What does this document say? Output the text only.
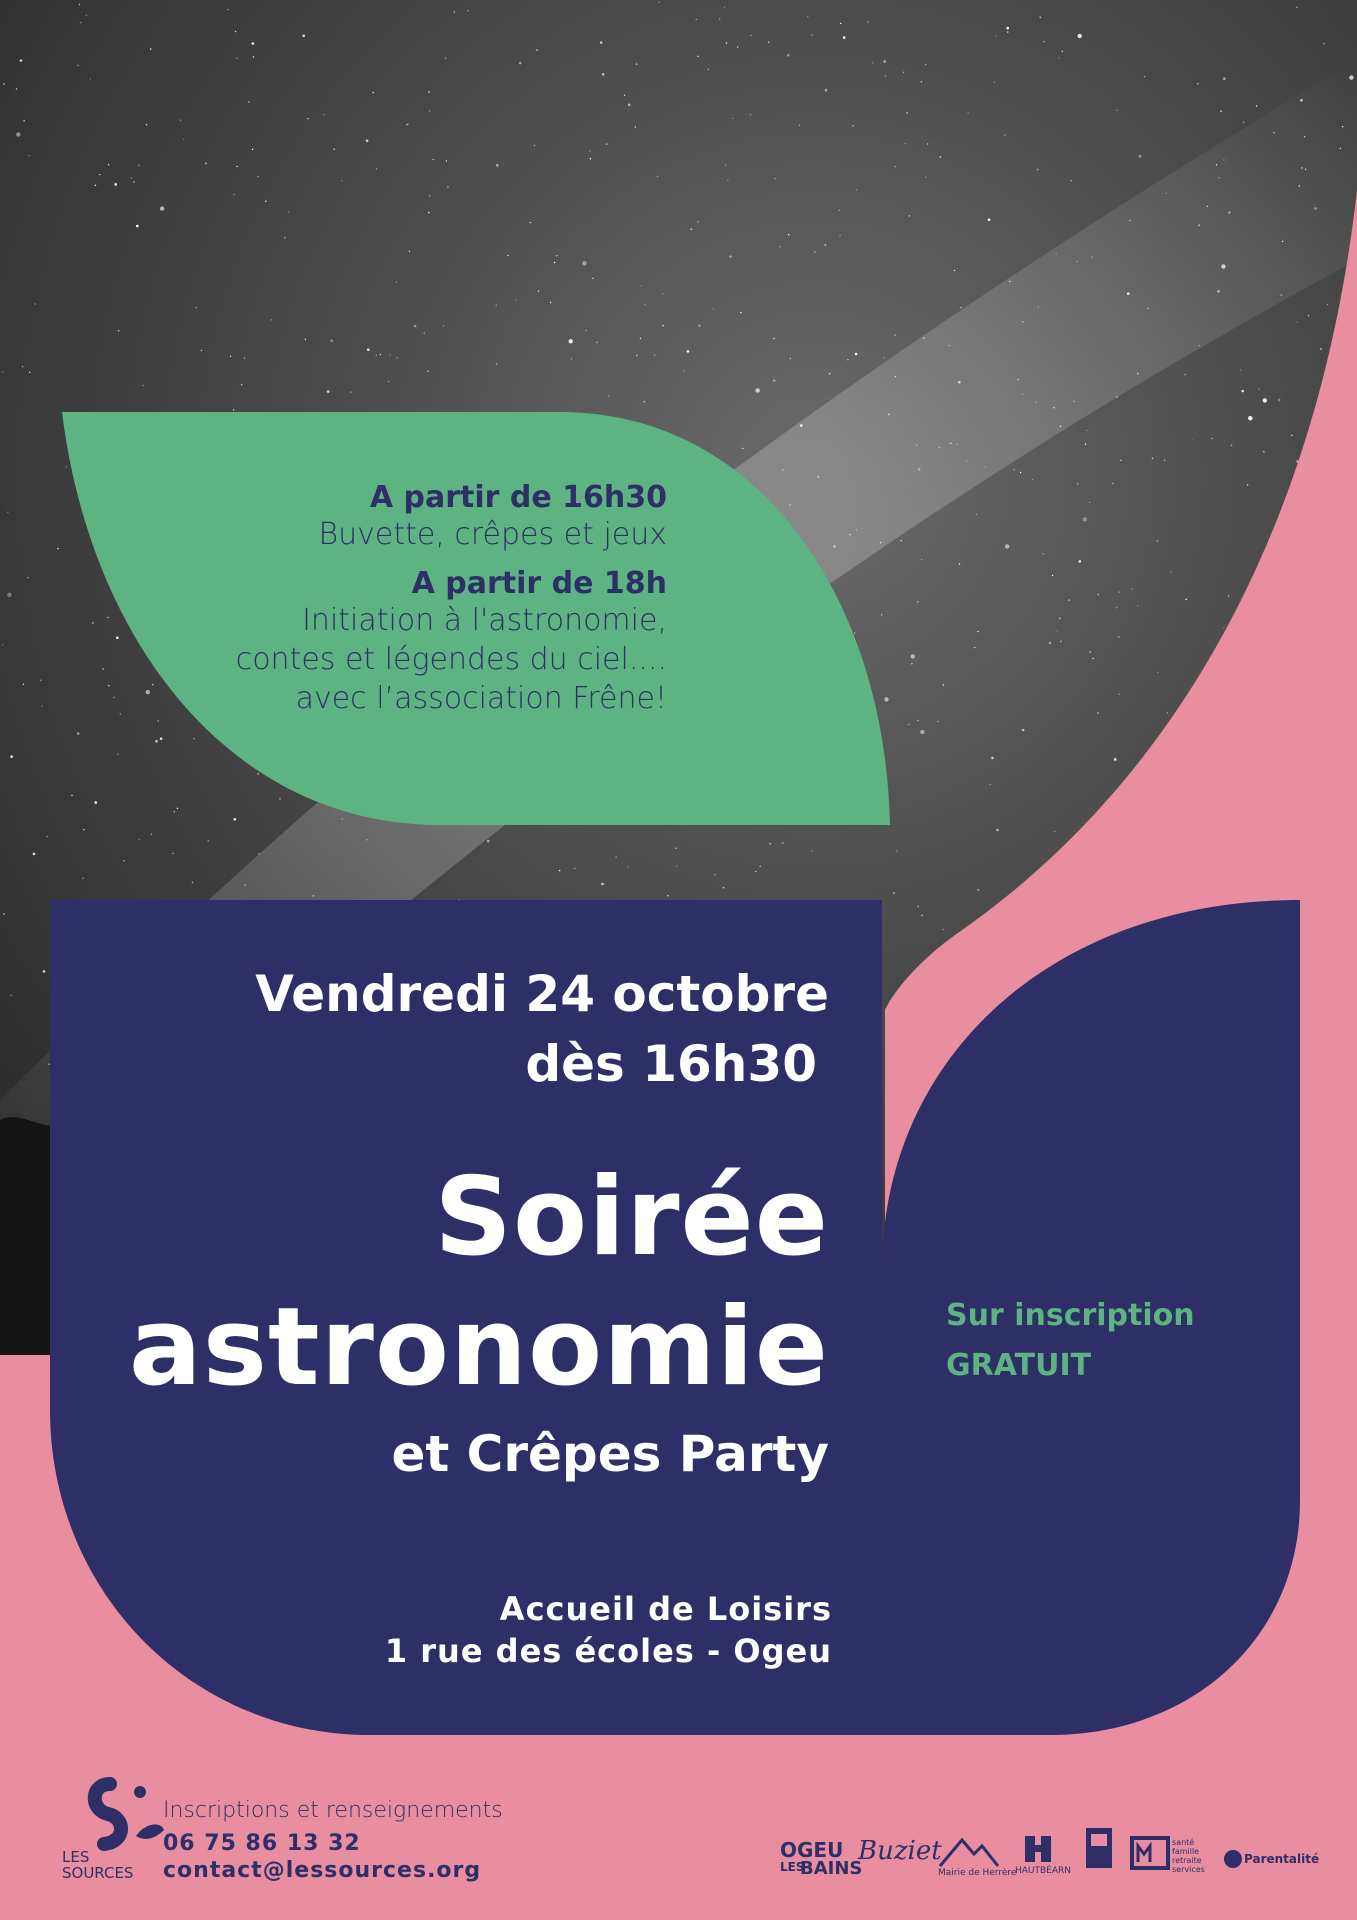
A partir de 16h30
Buvette, crêpes et jeux
A partir de 18h
Initiation à l'astronomie,
contes et légendes du ciel....
avec l’association Frêne!
Vendredi 24 octobre
dès 16h30
Soirée
astronomie
et Crêpes Party
Accueil de Loisirs
1 rue des écoles - Ogeu
Sur inscription
GRATUIT
LES
SOURCES
Inscriptions et renseignements
06 75 86 13 32
contact@lessources.org
OGEU
LES
BAINS
Buziet
Mairie de Herrère
HAUTBÉARN
santé
famille
retraite
services
Parentalité
